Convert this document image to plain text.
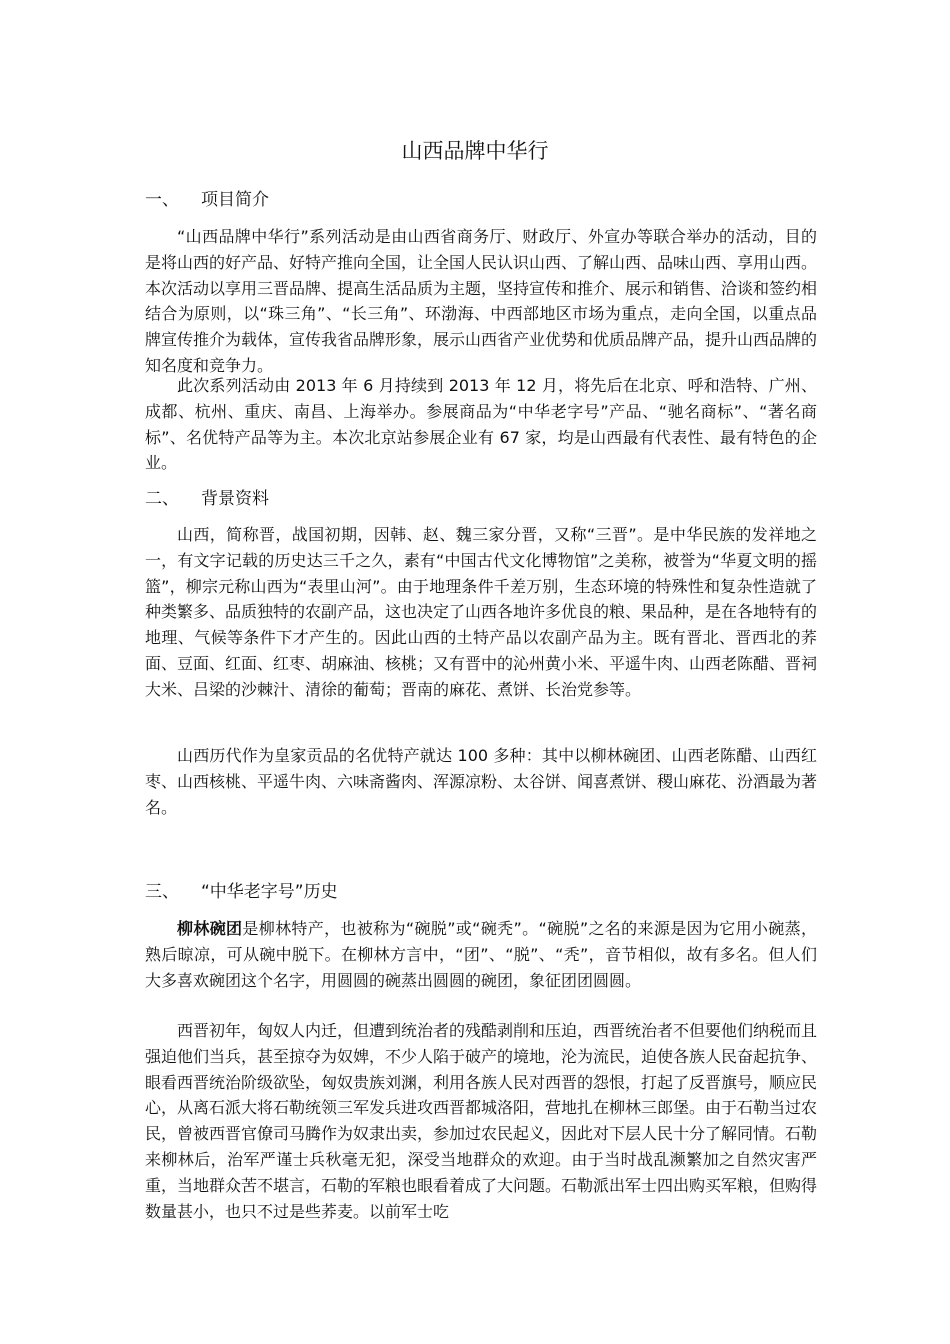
山西品牌中华行
一、 项目简介

“山西品牌中华行”系列活动是由山西省商务厅、财政厅、外宣办等联合举办的活动，目的是将山西的好产品、好特产推向全国，让全国人民认识山西、了解山西、品味山西、享用山西。本次活动以享用三晋品牌、提高生活品质为主题，坚持宣传和推介、展示和销售、洽谈和签约相结合为原则，以“珠三角”、“长三角”、环渤海、中西部地区市场为重点，走向全国，以重点品牌宣传推介为载体，宣传我省品牌形象，展示山西省产业优势和优质品牌产品，提升山西品牌的知名度和竞争力。

此次系列活动由 2013 年 6 月持续到 2013 年 12 月，将先后在北京、呼和浩特、广州、成都、杭州、重庆、南昌、上海举办。参展商品为“中华老字号”产品、“驰名商标”、“著名商标”、名优特产品等为主。本次北京站参展企业有 67 家，均是山西最有代表性、最有特色的企业。

二、 背景资料

山西，简称晋，战国初期，因韩、赵、魏三家分晋，又称“三晋”。是中华民族的发祥地之一，有文字记载的历史达三千之久，素有“中国古代文化博物馆”之美称，被誉为“华夏文明的摇篮”，柳宗元称山西为“表里山河”。由于地理条件千差万别，生态环境的特殊性和复杂性造就了种类繁多、品质独特的农副产品，这也决定了山西各地许多优良的粮、果品种，是在各地特有的地理、气候等条件下才产生的。因此山西的土特产品以农副产品为主。既有晋北、晋西北的荞面、豆面、红面、红枣、胡麻油、核桃；又有晋中的沁州黄小米、平遥牛肉、山西老陈醋、晋祠大米、吕梁的沙棘汁、清徐的葡萄；晋南的麻花、煮饼、长治党参等。

山西历代作为皇家贡品的名优特产就达 100 多种：其中以柳林碗团、山西老陈醋、山西红枣、山西核桃、平遥牛肉、六味斋酱肉、浑源凉粉、太谷饼、闻喜煮饼、稷山麻花、汾酒最为著名。

三、 “中华老字号”历史

柳林碗团是柳林特产，也被称为“碗脱”或“碗秃”。“碗脱”之名的来源是因为它用小碗蒸，熟后晾凉，可从碗中脱下。在柳林方言中，“团”、“脱”、“秃”，音节相似，故有多名。但人们大多喜欢碗团这个名字，用圆圆的碗蒸出圆圆的碗团，象征团团圆圆。

西晋初年，匈奴人内迁，但遭到统治者的残酷剥削和压迫，西晋统治者不但要他们纳税而且强迫他们当兵，甚至掠夺为奴婢，不少人陷于破产的境地，沦为流民，迫使各族人民奋起抗争、眼看西晋统治阶级欲坠，匈奴贵族刘渊，利用各族人民对西晋的怨恨，打起了反晋旗号，顺应民心，从离石派大将石勒统领三军发兵进攻西晋都城洛阳，营地扎在柳林三郎堡。由于石勒当过农民，曾被西晋官僚司马腾作为奴隶出卖，参加过农民起义，因此对下层人民十分了解同情。石勒来柳林后，治军严谨士兵秋毫无犯，深受当地群众的欢迎。由于当时战乱濒繁加之自然灾害严重，当地群众苦不堪言，石勒的军粮也眼看着成了大问题。石勒派出军士四出购买军粮，但购得数量甚小，也只不过是些荞麦。以前军士吃
